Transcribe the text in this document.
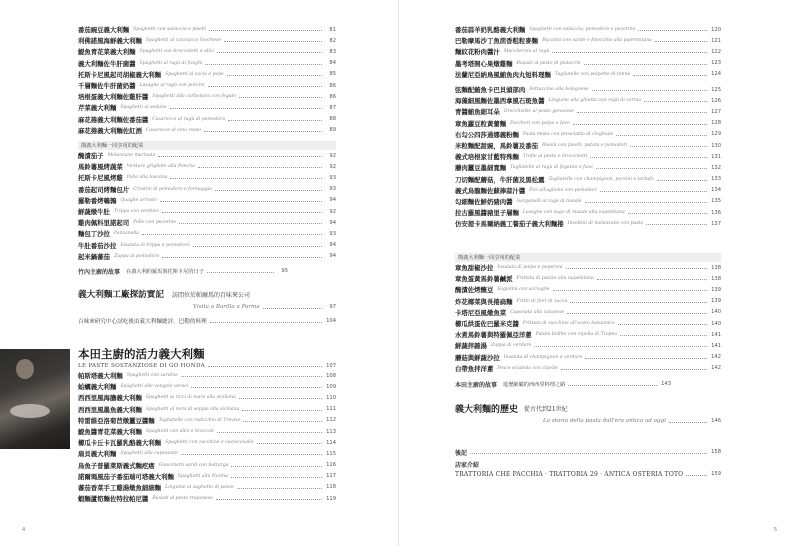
番茄豌豆義大利麵 Spaghetti con salsiccia e piselli	81
利佛諾風海鮮義大利麵 Spaghetti al cacciucco livornese	82
鯷魚青花菜義大利麵 Spaghetti con broccoletti e alici	83
義大利麵佐牛肝菌醬 Spaghetti al ragù di funghi	84
托斯卡尼風起司胡椒義大利麵 Spaghetti al cacio e pepe	85
千層麵佐牛肝菌奶醬 Lasagne al ragù con porcini	86
培根蛋義大利麵佐雞肝醬 Spaghetti alla carbonara con fegato	86
芹菜義大利麵 Spaghetti al sedano	87
麻花捲義大利麵佐番茄醬 Casarecce al ragù di pomodoro	88
麻花捲義大利麵佐紅酒 Casarecce al vino rosso	89
簡義大利麵一同享用的配菜
醃漬茄子 Melanzane marinate	92
馬鈴薯風烤蔬菜 Verdure grigliate alla Poncha	92
托斯卡尼風烤雞 Pollo alla toscana	93
番茄起司烤麵包片 Crostini di pomodoro e formaggio	93
羅勒番烤鵪鶉 Quaglie arrosto	94
鮮蔬燉牛肚 Trippa con verdure	92
雞肉佩科里諾起司 Pollo con pecorino	94
麵包丁沙拉 Panzanella	93
牛肚番茄沙拉 Insalata di trippa e pomodoro	94
起米鍋蕃茄 Zuppa al pomodoro	94
竹內主廚的故事 在義大利的羅馬與托斯卡尼的日子	95
義大利麵工廠探訪實記 訪問位於帕爾馬的百味來公司
Visita a Barilla a Parma	97
百味來研究中心試吃後由義大利麵總評，巴勒的料理	104
本田主廚的活力義大利麵
LE PASTE SOSTANZIOSE DI GO HONDA	107
帕斯塔義大利麵 Spaghetti con sardine	108
蛤蠣義大利麵 Spaghetti alle vongole veraci	109
西西里風海膽義大利麵 Spaghetti ai ricci di mare alla siciliana	110
西西里風墨魚義大利麵 Spaghetti al nero di seppia alla siciliana	111
特雷維亞洛菊苣燉蠶豆醬麵 Tagliatelle con radicchio di Treviso	112
鯷魚醬青花菜義大利麵 Spaghetti con alici e broccoli	113
櫛瓜卡丘卡瓦羅乳酪義大利麵 Spaghetti con zucchine e caciocavallo	114
扇貝義大利麵 Spaghetti alle capesante	115
烏魚子普羅萊斯義式麵疙瘩 Gnocchetti sardi con bottarga	116
諾爾瑪風茄子番茄瑞可塔義大利麵 Spaghetti alla Norma	117
蕃茄香菜手工雞湯燉魚細細麵 Linguine al sughetto di pesce	118
蝦麵蘆筍麵佐特拉帕尼醬 Busiati al pesto trapanese	119
4
番茄蒜羊奶乳酪義大利麵 Spaghetti con salsiccia, pomodoro e pecorino	120
巴勒摩馬沙丁魚茴香粗粒麥麵 Bucatini con sarde e finocchio alla palermitana	121
麵紋花粉肉醬汁 Maccheroni al ragù	122
墨考塔開心果燉雞麵 Busiati al pesto di pistacchi	123
法蘭尼亞納鳥風鮪魚肉丸短料理麵 Tagliatelle con polpette di tonno	124
弦麵配鮪魚卡巴貝頭部肉 Fettuccine alla bolognese	125
海藻細風麵佐墨西拿風石斑魚醬 Linguine alla ghiotta con ragù di cernia	126
青醬鮪魚細耳朵 Orecchiette al pesto genovese	127
章魚蘿豆粒黃蕾麵 Paccheri con polpo e fave	128
右勾公四莎通娜義粉麵 Pasta mista con prosciutto di cinghiale	129
米粒麵配甜豌，馬鈴薯及番茄 Risoni con piselli, patate e pomodori	130
義式培根家甘藍特殊麵 Trofie al pesto e broccoletti	131
蘑肉蠶豆墨細寬麵 Tagliatelle al ragù di fegatini e fave	132
刀切麵配蘑菇，牛肝菌及黑松露 Tagliatelle con champignon, porcini e tartufo	133
義式烏龍麵佐蘇捧蒜汁醬 Pici all'aglione con pomodori	134
勾細麵佐鮮奶豬肉醬 Garganelli al ragù di maiale	135
拉古羅風醬豬里子層麵 Lasagne con sugo di maiale alla napoletana	136
仿安提卡馬爾納義工餐茄子義大利麵捲 Involtini di melanzane con pasta	137
簡義大利麵一同享用的配菜
章魚甜椒沙拉 Insalata di polpo e peperoni	138
章魚蛋黃馬鈴薯鹹派 Frittata di patate alla napoletana	138
醃漬佐烤醃豆 Fagiolini con acciughe	139
炸花椰菜與長捲扁麵 Fritto di fiori di zucca	139
卡塔尼亞風燉魚菜 Caponata alla catanese	140
櫛瓜烘蛋佐巴羅米克醬 Frittata di zucchine all'aceto balsamico	140
水煮馬鈴薯與特羅佩亞洋蔥 Patate bollite con cipolla di Tropea	141
鮮蔬拌雜湯 Zuppa di verdure	141
蘑菇與鮮蔬沙拉 Insalata di champignon e verdure	142
白帶魚拌洋蔥 Pesce sciabola con cipolle	142
本田主廚的故事 遊歷細膩的西西里料理之路	143
義大利麵的歷史 從古代到21世紀
La storia della pasta dall'era antica ad oggi	146
後記	158
店家介紹
TRATTORIA CHE PACCHIA · TRATTORIA 29 · ANTICA OSTERIA TOTO	159
5
